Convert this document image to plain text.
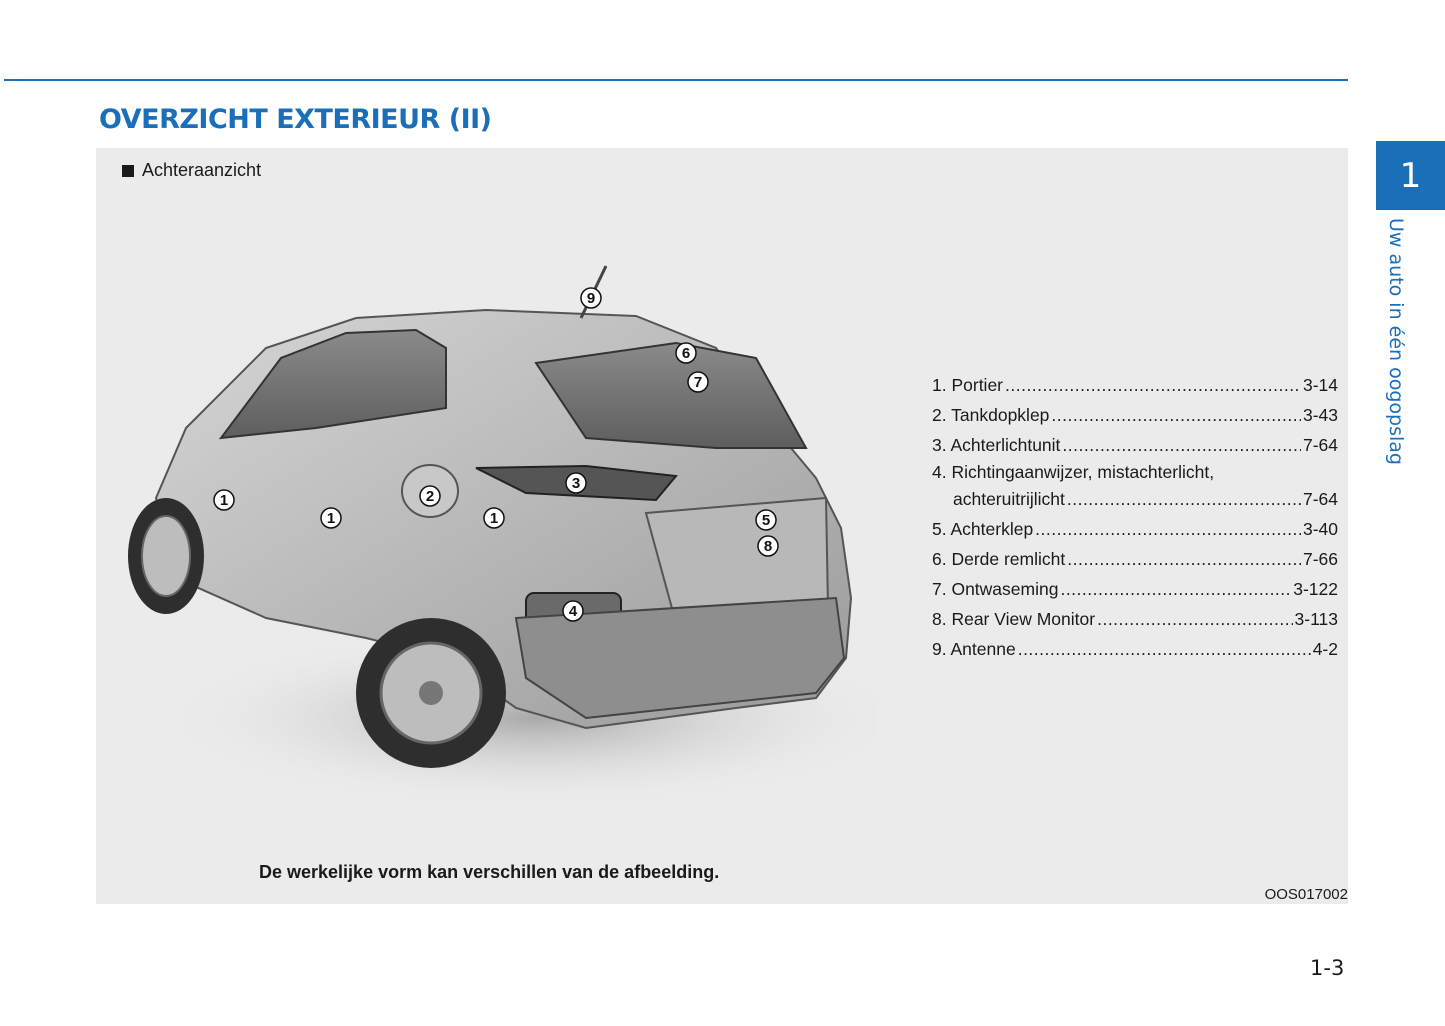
OVERZICHT EXTERIEUR (II)
1
Uw auto in één oogopslag
Achteraanzicht
1
1	1
2
3
4
5
6
7
8
9
1. Portier .....	3-14
2. Tankdopklep .....	3-43
3. Achterlichtunit .....	7-64
4. Richtingaanwijzer, mistachterlicht,
achteruitrijlicht .....	7-64
5. Achterklep .....	3-40
6. Derde remlicht .....	7-66
7. Ontwaseming .....	3-122
8. Rear View Monitor .....	3-113
9. Antenne .....	4-2
De werkelijke vorm kan verschillen van de afbeelding.
OOS017002
1-3
